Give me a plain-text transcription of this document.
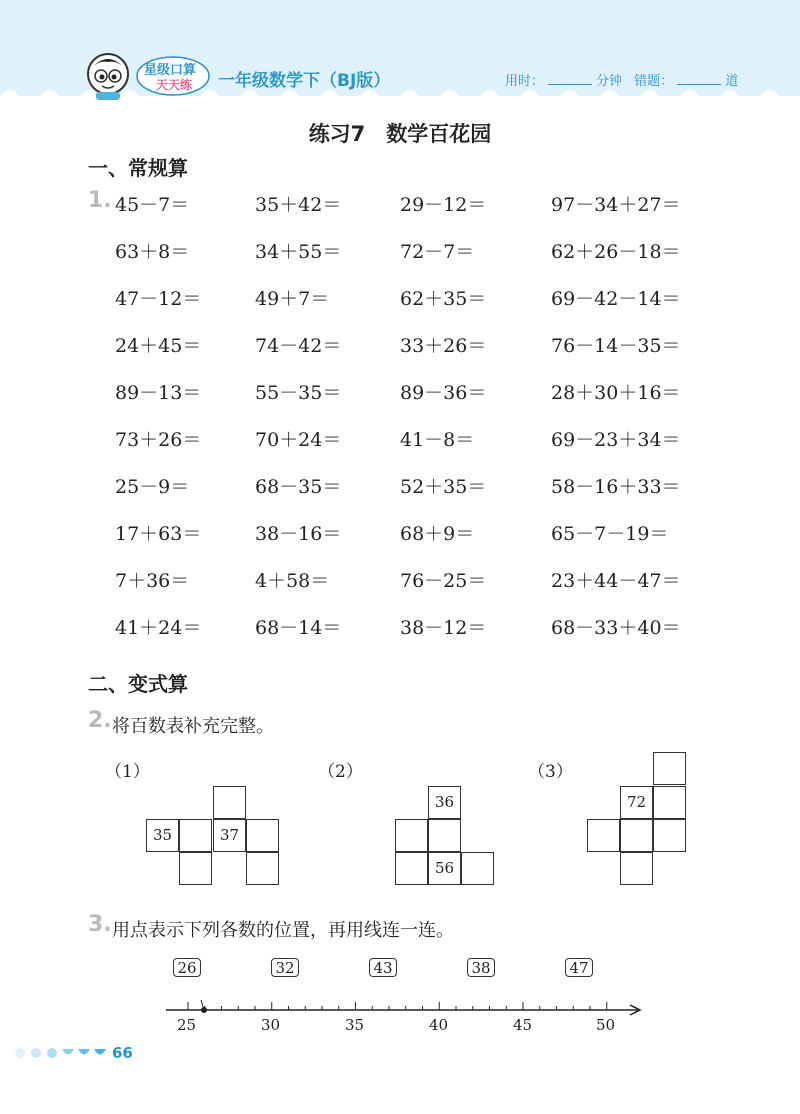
星级口算
天天练 一年级数学下（BJ版）	用时：	分钟 错题：	道
练习7　数学百花园
一、常规算
1. 45－7＝	35＋42＝	29－12＝	97－34＋27＝
63＋8＝	34＋55＝	72－7＝	62＋26－18＝
47－12＝	49＋7＝	62＋35＝	69－42－14＝
24＋45＝	74－42＝	33＋26＝	76－14－35＝
89－13＝	55－35＝	89－36＝	28＋30＋16＝
73＋26＝	70＋24＝	41－8＝	69－23＋34＝
25－9＝	68－35＝	52＋35＝	58－16＋33＝
17＋63＝	38－16＝	68＋9＝	65－7－19＝
7＋36＝	4＋58＝	76－25＝	23＋44－47＝
41＋24＝	68－14＝	38－12＝	68－33＋40＝
二、变式算
2. 将百数表补充完整。
（1）	（2）	（3）
35	37
36
56
72
3. 用点表示下列各数的位置，再用线连一连。
26	32	43	38	47
25	30	35	40	45	50
66
